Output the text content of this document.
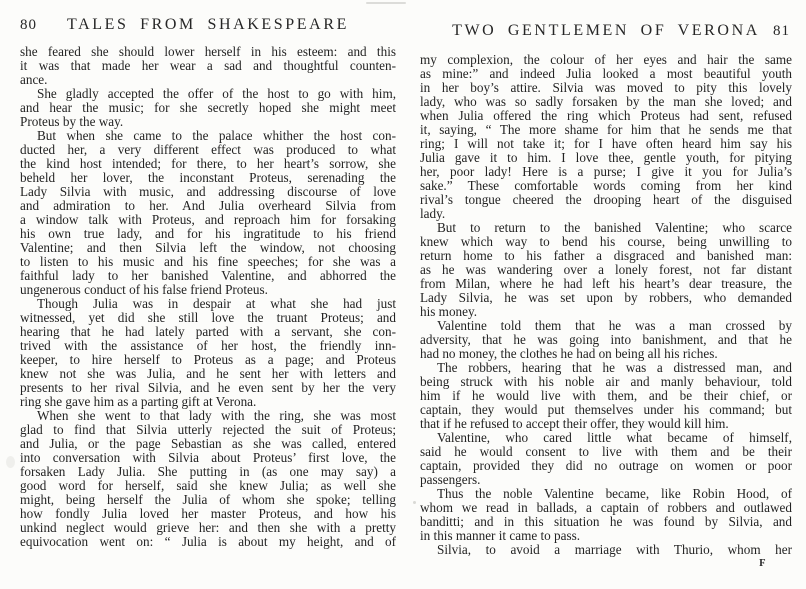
80	TALES FROM SHAKESPEARE
she feared she should lower herself in his esteem: and this
it was that made her wear a sad and thoughtful counten-
ance.
She gladly accepted the offer of the host to go with him,
and hear the music; for she secretly hoped she might meet
Proteus by the way.
But when she came to the palace whither the host con-
ducted her, a very different effect was produced to what
the kind host intended; for there, to her heart’s sorrow, she
beheld her lover, the inconstant Proteus, serenading the
Lady Silvia with music, and addressing discourse of love
and admiration to her. And Julia overheard Silvia from
a window talk with Proteus, and reproach him for forsaking
his own true lady, and for his ingratitude to his friend
Valentine; and then Silvia left the window, not choosing
to listen to his music and his fine speeches; for she was a
faithful lady to her banished Valentine, and abhorred the
ungenerous conduct of his false friend Proteus.
Though Julia was in despair at what she had just
witnessed, yet did she still love the truant Proteus; and
hearing that he had lately parted with a servant, she con-
trived with the assistance of her host, the friendly inn-
keeper, to hire herself to Proteus as a page; and Proteus
knew not she was Julia, and he sent her with letters and
presents to her rival Silvia, and he even sent by her the very
ring she gave him as a parting gift at Verona.
When she went to that lady with the ring, she was most
glad to find that Silvia utterly rejected the suit of Proteus;
and Julia, or the page Sebastian as she was called, entered
into conversation with Silvia about Proteus’ first love, the
forsaken Lady Julia. She putting in (as one may say) a
good word for herself, said she knew Julia; as well she
might, being herself the Julia of whom she spoke; telling
how fondly Julia loved her master Proteus, and how his
unkind neglect would grieve her: and then she with a pretty
equivocation went on: “ Julia is about my height, and of
TWO GENTLEMEN OF VERONA 81
my complexion, the colour of her eyes and hair the same
as mine:” and indeed Julia looked a most beautiful youth
in her boy’s attire. Silvia was moved to pity this lovely
lady, who was so sadly forsaken by the man she loved; and
when Julia offered the ring which Proteus had sent, refused
it, saying, “ The more shame for him that he sends me that
ring; I will not take it; for I have often heard him say his
Julia gave it to him. I love thee, gentle youth, for pitying
her, poor lady! Here is a purse; I give it you for Julia’s
sake.” These comfortable words coming from her kind
rival’s tongue cheered the drooping heart of the disguised
lady.
But to return to the banished Valentine; who scarce
knew which way to bend his course, being unwilling to
return home to his father a disgraced and banished man:
as he was wandering over a lonely forest, not far distant
from Milan, where he had left his heart’s dear treasure, the
Lady Silvia, he was set upon by robbers, who demanded
his money.
Valentine told them that he was a man crossed by
adversity, that he was going into banishment, and that he
had no money, the clothes he had on being all his riches.
The robbers, hearing that he was a distressed man, and
being struck with his noble air and manly behaviour, told
him if he would live with them, and be their chief, or
captain, they would put themselves under his command; but
that if he refused to accept their offer, they would kill him.
Valentine, who cared little what became of himself,
said he would consent to live with them and be their
captain, provided they did no outrage on women or poor
passengers.
Thus the noble Valentine became, like Robin Hood, of
whom we read in ballads, a captain of robbers and outlawed
banditti; and in this situation he was found by Silvia, and
in this manner it came to pass.
Silvia, to avoid a marriage with Thurio, whom her
F
